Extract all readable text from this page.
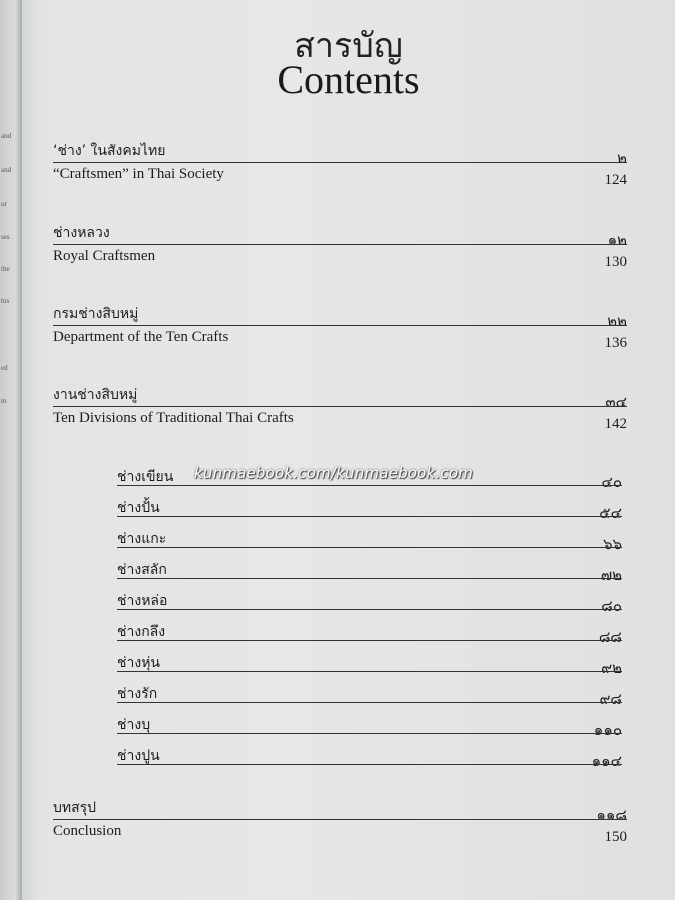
and
and
or
ses
the
his
ed
m
สารบัญ
Contents
‘ช่าง’ ในสังคมไทย	๒
“Craftsmen” in Thai Society	124
ช่างหลวง	๑๒
Royal Craftsmen	130
กรมช่างสิบหมู่	๒๒
Department of the Ten Crafts	136
งานช่างสิบหมู่	๓๔
Ten Divisions of Traditional Thai Crafts	142
ช่างเขียน	๔๐
ช่างปั้น	๕๔
ช่างแกะ	๖๖
ช่างสลัก	๗๒
ช่างหล่อ	๘๐
ช่างกลึง	๘๘
ช่างหุ่น	๙๒
ช่างรัก	๙๘
ช่างบุ	๑๑๐
ช่างปูน	๑๑๔
บทสรุป	๑๑๘
Conclusion	150
kunmaebook.com/kunmaebook.com
